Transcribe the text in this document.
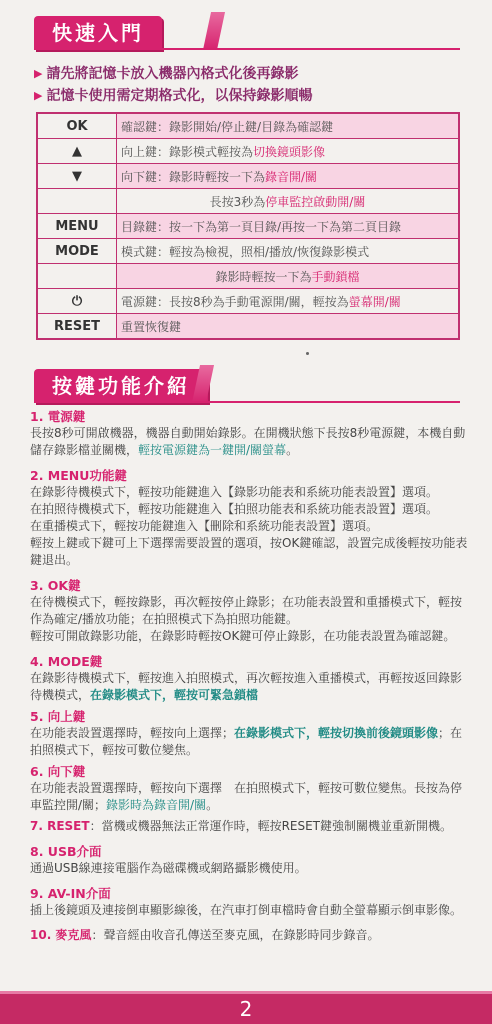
快速入門
▶ 請先將記憶卡放入機器內格式化後再錄影
▶ 記憶卡使用需定期格式化，以保持錄影順暢
OK	確認鍵：錄影開始/停止鍵/目錄為確認鍵
▲	向上鍵：錄影模式輕按為切換鏡頭影像
▼	向下鍵：錄影時輕按一下為錄音開/關
	長按3秒為停車監控啟動開/關
MENU	目錄鍵：按一下為第一頁目錄/再按一下為第二頁目錄
MODE	模式鍵：輕按為檢視，照相/播放/恢復錄影模式
	錄影時輕按一下為手動鎖檔
⏻	電源鍵：長按8秒為手動電源開/關，輕按為螢幕開/關
RESET	重置恢復鍵
按鍵功能介紹
1. 電源鍵

長按8秒可開啟機器，機器自動開始錄影。在開機狀態下長按8秒電源鍵，本機自動儲存錄影檔並關機，輕按電源鍵為一鍵開/關螢幕。

2. MENU功能鍵

在錄影待機模式下，輕按功能鍵進入【錄影功能表和系統功能表設置】選項。

在拍照待機模式下，輕按功能鍵進入【拍照功能表和系統功能表設置】選項。

在重播模式下，輕按功能鍵進入【刪除和系統功能表設置】選項。

輕按上鍵或下鍵可上下選擇需要設置的選項，按OK鍵確認，設置完成後輕按功能表鍵退出。

3. OK鍵

在待機模式下，輕按錄影，再次輕按停止錄影；在功能表設置和重播模式下，輕按作為確定/播放功能；在拍照模式下為拍照功能鍵。

輕按可開啟錄影功能，在錄影時輕按OK鍵可停止錄影，在功能表設置為確認鍵。

4. MODE鍵

在錄影待機模式下，輕按進入拍照模式，再次輕按進入重播模式，再輕按返回錄影待機模式，在錄影模式下，輕按可緊急鎖檔

5. 向上鍵

在功能表設置選擇時，輕按向上選擇；在錄影模式下，輕按切換前後鏡頭影像；在拍照模式下，輕按可數位變焦。

6. 向下鍵

在功能表設置選擇時，輕按向下選擇　在拍照模式下，輕按可數位變焦。長按為停車監控開/關；錄影時為錄音開/關。

7. RESET：當機或機器無法正常運作時，輕按RESET鍵強制關機並重新開機。

8. USB介面

通過USB線連接電腦作為磁碟機或網路攝影機使用。

9. AV-IN介面

插上後鏡頭及連接倒車顯影線後，在汽車打倒車檔時會自動全螢幕顯示倒車影像。

10. 麥克風：聲音經由收音孔傳送至麥克風，在錄影時同步錄音。

2
